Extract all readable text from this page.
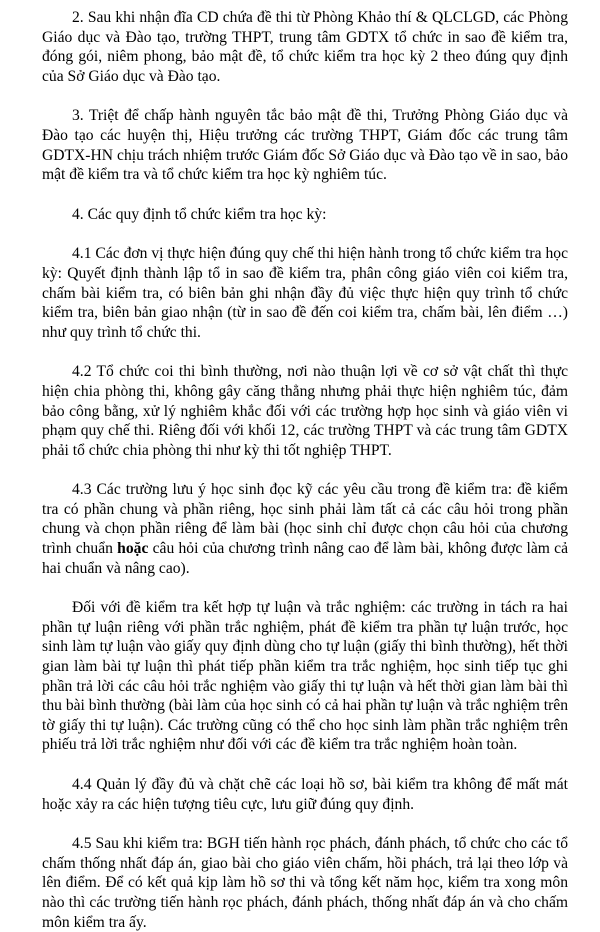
2. Sau khi nhận đĩa CD chứa đề thi từ Phòng Khảo thí & QLCLGD, các Phòng Giáo dục và Đào tạo, trường THPT, trung tâm GDTX tổ chức in sao đề kiểm tra, đóng gói, niêm phong, bảo mật đề, tổ chức kiểm tra học kỳ 2 theo đúng quy định của Sở Giáo dục và Đào tạo.

3. Triệt để chấp hành nguyên tắc bảo mật đề thi, Trưởng Phòng Giáo dục và Đào tạo các huyện thị, Hiệu trưởng các trường THPT, Giám đốc các trung tâm GDTX-HN chịu trách nhiệm trước Giám đốc Sở Giáo dục và Đào tạo về in sao, bảo mật đề kiểm tra và tổ chức kiểm tra học kỳ nghiêm túc.

4. Các quy định tổ chức kiểm tra học kỳ:

4.1 Các đơn vị thực hiện đúng quy chế thi hiện hành trong tổ chức kiểm tra học kỳ: Quyết định thành lập tổ in sao đề kiểm tra, phân công giáo viên coi kiểm tra, chấm bài kiểm tra, có biên bản ghi nhận đầy đủ việc thực hiện quy trình tổ chức kiểm tra, biên bản giao nhận (từ in sao đề đến coi kiểm tra, chấm bài, lên điểm …) như quy trình tổ chức thi.

4.2 Tổ chức coi thi bình thường, nơi nào thuận lợi về cơ sở vật chất thì thực hiện chia phòng thi, không gây căng thẳng nhưng phải thực hiện nghiêm túc, đảm bảo công bằng, xử lý nghiêm khắc đối với các trường hợp học sinh và giáo viên vi phạm quy chế thi. Riêng đối với khối 12, các trường THPT và các trung tâm GDTX phải tổ chức chia phòng thi như kỳ thi tốt nghiệp THPT.

4.3 Các trường lưu ý học sinh đọc kỹ các yêu cầu trong đề kiểm tra: đề kiểm tra có phần chung và phần riêng, học sinh phải làm tất cả các câu hỏi trong phần chung và chọn phần riêng để làm bài (học sinh chỉ được chọn câu hỏi của chương trình chuẩn hoặc câu hỏi của chương trình nâng cao để làm bài, không được làm cả hai chuẩn và nâng cao).

Đối với đề kiểm tra kết hợp tự luận và trắc nghiệm: các trường in tách ra hai phần tự luận riêng với phần trắc nghiệm, phát đề kiểm tra phần tự luận trước, học sinh làm tự luận vào giấy quy định dùng cho tự luận (giấy thi bình thường), hết thời gian làm bài tự luận thì phát tiếp phần kiểm tra trắc nghiệm, học sinh tiếp tục ghi phần trả lời các câu hỏi trắc nghiệm vào giấy thi tự luận và hết thời gian làm bài thì thu bài bình thường (bài làm của học sinh có cả hai phần tự luận và trắc nghiệm trên tờ giấy thi tự luận). Các trường cũng có thể cho học sinh làm phần trắc nghiệm trên phiếu trả lời trắc nghiệm như đối với các đề kiểm tra trắc nghiệm hoàn toàn.

4.4 Quản lý đầy đủ và chặt chẽ các loại hồ sơ, bài kiểm tra không để mất mát hoặc xảy ra các hiện tượng tiêu cực, lưu giữ đúng quy định.

4.5 Sau khi kiểm tra: BGH tiến hành rọc phách, đánh phách, tổ chức cho các tổ chấm thống nhất đáp án, giao bài cho giáo viên chấm, hồi phách, trả lại theo lớp và lên điểm. Để có kết quả kịp làm hồ sơ thi và tổng kết năm học, kiểm tra xong môn nào thì các trường tiến hành rọc phách, đánh phách, thống nhất đáp án và cho chấm môn kiểm tra ấy.
